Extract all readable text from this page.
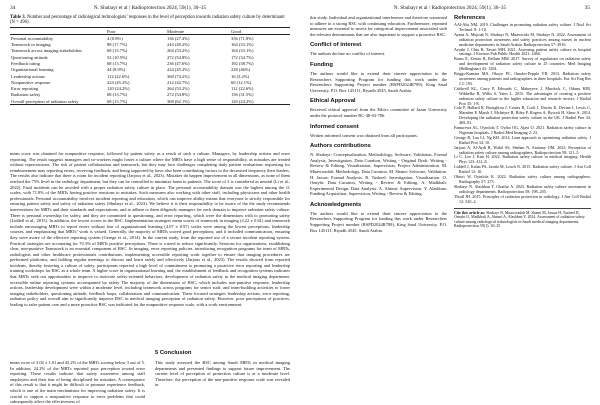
34	N. Shubayr et al / Radioprotection 2024, 59(1), 30–35
Table 3. Number and percentage of radiological technologists’ responses in the level of perception towards radiation safety culture by determinant (N = 496).
	Poor	Moderate	Good
Personal accountability	4 (0.8%)	136 (27.4%)	356 (71.8%)
Teamwork in imaging	88 (17.7%)	244 (49.2%)	164 (33.1%)
Teamwork across imaging stakeholders	68 (13.7%)	264 (53.2%)	164 (33.1%)
Questioning attitude	52 (10.5%)	272 (54.8%)	172 (34.7%)
Feedback rating	68 (13.7%)	236 (47.6%)	192 (38.7%)
Organizational learning	44 (8.9%)	224 (45.2%)	228 (46%)
Leadership actions	112 (22.6%)	368 (74.2%)	16 (3.2%)
Nonpunitive response	224 (45.2%)	212 (42.7%)	60 (12.1%)
Error reporting	120 (24.2%)	264 (53.2%)	112 (22.6%)
Radiation safety	68 (13.7%)	272 (54.8%)	156 (31.5%)
Overall perception of radiation safety	68 (13.7%)	308 (62.1%)	120 (24.2%)
mean score was obtained for nonpunitive response, followed by patient safety as a result of such a culture. Managers, by leadership actions and error reporting. The result suggests managers and co-workers might foster a culture where the MRTs have a high sense of responsibility, as mistakes are treated without repercussions. The risk of patient collaboration and teamwork, but they may face challenges completing daily patient evaluations requesting for reimbursement may reporting errors, receiving feedback, and being supported by have also been contributing factors to the decreased frequency their leaders. The results also indicate that there is room for incident reporting (Jarjous et al., 2023). Mistakes do happen improvement in all dimensions, as none of them reached the 75% level in the radiology department, but they can be controlled to minimize harm to patients. The score of 3 is considered as neutral (Li et al., 2022). Fatal incidents can be avoided with a proper radiation safety culture in place. The personal accountability domain was the highest among the 11 scales, with 71.8% of the MRTs having positive reactions to mistakes. Such measures also working with other staff, including physicians and other health professionals. Personal accountability involves incident reporting and education, which can improve ability means that everyone is strictly responsible for ensuring patient safety and safety of radiation safety (Shubayr et al., 2023). We believe it is their responsibility to be aware of the the study recommends interventions for MRTs and their standards and expectations, and to adhere to them diligently managers for each domain to improve radiation safety culture. There is personal ownership for safety, and they are committed to questioning, and error reporting, which were the dimensions with to promoting safety (Liddell et al., 2015). In addition, the lowest scores in the RSC. Implementation strategies mean scores of teamwork in imaging (4.22 ± 0.61) and teamwork include encouraging MRTs to report errors without fear of organizational learning (4.07 ± 0.97) scales were among the lowest perceptions, leadership courses, and emphasizing that MRTs’ work is valued. Generally, the majority of MRTs scored good perceptions, and it included communication, ensuring they were aware of the effective reporting system (Gerege et al., 2014). In the current study, from the reported use of a secure incident reporting system. Practical strategies are accounting for 70.3% of MRTs positive perceptions. There is a need to reduce significantly. Sessions for organizations, establishing clear, non-punitive Teamwork is an essential component of RSC. In imaging, error reporting policies, introducing recognition programs for team of MRTs, radiologists and other healthcare professionals contributions, implementing accessible reporting work together to ensure that imaging procedures are performed platforms, and holding regular meetings to discuss and learn safely and effectively (Jarjous et al., 2023). The results showed from reported incidents, thereby fostering a culture of safety. participants reported a high level of commitment to promoting a proactive error reporting and leadership training workshops for RSC as a whole team. A higher score in organizational learning and, the establishment of feedback and recognition systems indicates that MRTs seek out opportunities to improve to motivate safety-oriented behaviors, development of radiation safety in the medical imaging department. accessible online reporting systems accompanied by safety The majority of the dimensions of RSC, which includes non-punitive response, leadership actions, leadership development were within a moderate level, including teamwork across programs for senior staff, and team-building activities to foster imaging stakeholders, questioning attitude, feedback loops, collaboration and communication. These focused strategies leadership actions, error reporting, radiation policy and overall aim to significantly improve RSC in medical imaging perception of radiation safety. However, poor perceptions of practices, leading to safer patient care and a more proactive RSC was indicated for the nonpunitive response scale, with a work environment.
mean score of 3.04 ± 1.01 and 45.2% of the MRTs scoring below 3 out of 5. In addition, 24.2% of the MRTs reported poor perception toward error reporting. These results indicate that safety awareness among staff employees and their fear of being disciplined for mistakes. A consequence of this result is that it might be difficult to promote experience feedback, which is one of the main mechanisms for improving radiation safety. It is crucial to support a nonpunitive response to error problems that could subsequently affect the effectiveness of
5 Conclusion
This study assessed the RSC among Saudi MRTs in medical imaging departments and presented findings to support future improvement. The current level of perception of protection culture is at a moderate level. Therefore, the perception of the non-punitive response scale was revealed in
N. Shubayr et al / Radioprotection 2024, 59(1), 30–35	35

this study. Individual and organizational interference and therefore warranted to adhere to a strong RSC with continuing education. Furthermore, repeated measures are essential to assess for categorical improvement associated with the relevant determinants that are also important to support a proactive RSC.

Conflict of interest

The authors declare no conflict of interest.

Funding

The authors would like to extend their sincere appreciation to the Researchers Supporting Program for funding this work under the Researchers Supporting Project number (RSPD2024R789), King Saud University, P.O. Box 145111, Riyadh 4545, Saudi Arabia.

Ethical Approval

Received ethical approval from the Ethics committee of Jazan University under the protocol number RC-48-03-786.

Informed consent

Written informed consent was obtained from all participants.

Authors contributions

N. Shubayr: Conceptualization, Methodology, Software, Validation, Formal Analysis, Investigation, Data Curation, Writing - Original Draft, Writing - Review & Editing, Visualization, Supervision, Project Administration. M. Muawwadah: Methodology, Data Curation. M. Shami: Software, Validation. H. Jassas: Formal Analysis. R. Taxheel: Investigation, Visualization. O. Onaybi: Data Curation, Writing - Review & Editing. A. Madkhali: Experimental Design, Data Analysis. A. Alnimi: Supervision. Y. Alashban: Funding Acquisition, Supervision, Writing - Review & Editing.

Acknowledgments

The authors would like to extend their sincere appreciation to the Researchers Supporting Program for funding this work under Researchers Supporting Project number (RSPD2024R789), King Saud University, P.O. Box 145111, Riyadh 4545, Saudi Arabia.

References

AAl-Alsi NM. 2019. Challenges in promoting radiation safety culture. J Nucl Sci Technol. 8: 1-10.

Ayana A, Mujoub N, Shubayr N, Muawwida M, Shubayr N. 2022. Assessment of radiation protection awareness and safety practices among nurses in nuclear medicine departments in Saudi Arabia. Radioprotection 57: 4916.

Aryahi J, Chiu R, Tavari MH. 2021. Assessing patient safety culture in hospital settings. J Environ Pub Public Health 2021: 2466.

Burns E, Zentor B, Bellam MM. 2017. Survey of regulations on radiation safety and development of radiation safety culture in 25 countries. Med Imaging (Bellingham) 43: 1204.

Briggs-Kamara MA, Okoye PC, Omubo-Pepple VB. 2013. Radiation safety awareness among patients and radiographers in three hospitals. Eur Sci Eng Res J 2: 193.

Caldwell KL, Carry P, Edwards C, Makeyeve J, Murdock C, Odanu HJR, Wibbelke R, Willis S, Yates L. 2015. The advantages of creating a positive radiation safety culture in the higher education and research sectors. J Radiol Prot 35: 1-8.

Cole P, Hallard R, Broughton J, Coates R, Croft J, Davies K, Devine I, Lewis C, Marsden P, Marsh J, McIntyre R, Riley P, Rogers A, Rycraft H, Shaw A. 2014. Developing the radiation protection safety culture in the UK. J Radiol Prot 34: 469–81.

Famurewa AL, Oyinlola T, Oyibo OG, Ajayi O. 2021. Radiation safety culture in Nigerian hospitals. J Radiol Med Imaging 2: 23.

George R, Lau LJ, Ng KH. 2014. Lean approach to optimizing radiation safety. J Radiol Prot 34: 10.

Jarjous A, Al-Aydi R, Wakil SS, Shehan N, Ataiamy OM. 2023. Perception of radiation safety culture among radiographers. Radioprotection 58: 121–5.

Li C, Lee J, Kim H. 2022. Radiation safety culture in medical imaging. Health Phys 123: 412–8.

Liddell J, Kalan PA, Jasabi M, Leach N. 2015. Radiation safety culture. J Am Coll Radiol 12: 10.

Obiori W, Oyinlola K. 2022. Radiation safety culture among radiographers. Radiography 27: 273.

Shubayr N, Alashban Y, Ghaffar A. 2023. Radiation safety culture assessment in radiology departments. Radioprotection 58: 198–205.

Thrall JH. 2015. Principles of radiation protection in radiology. J Am Coll Radiol 12: 320–4.

Cite this article as: Shubayr N, Muawwadah M, Shami M, Jassas H, Taxheel R, Onaybi O, Madkhali A, Alnimi A, Alashban Y. 2024. Assessment of radiation safety culture among radiological technologists in Saudi medical imaging departments. Radioprotection 59(1): 30–35
